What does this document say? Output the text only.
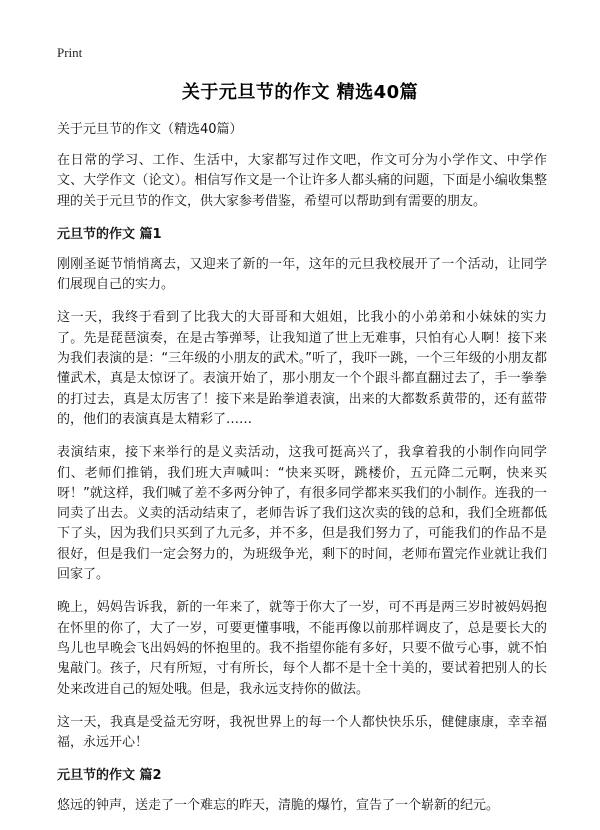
Print
关于元旦节的作文 精选40篇

关于元旦节的作文（精选40篇）

在日常的学习、工作、生活中，大家都写过作文吧，作文可分为小学作文、中学作文、大学作文（论文）。相信写作文是一个让许多人都头痛的问题，下面是小编收集整理的关于元旦节的作文，供大家参考借鉴，希望可以帮助到有需要的朋友。

元旦节的作文 篇1

刚刚圣诞节悄悄离去，又迎来了新的一年，这年的元旦我校展开了一个活动，让同学们展现自己的实力。

这一天，我终于看到了比我大的大哥哥和大姐姐，比我小的小弟弟和小妹妹的实力了。先是琵琶演奏，在是古筝弹琴，让我知道了世上无难事，只怕有心人啊！接下来为我们表演的是：“三年级的小朋友的武术。”听了，我吓一跳，一个三年级的小朋友都懂武术，真是太惊讶了。表演开始了，那小朋友一个个跟斗都直翻过去了，手一拳拳的打过去，真是太厉害了！接下来是跆拳道表演，出来的大都数系黄带的，还有蓝带的，他们的表演真是太精彩了……

表演结束，接下来举行的是义卖活动，这我可挺高兴了，我拿着我的小制作向同学们、老师们推销，我们班大声喊叫：“快来买呀，跳楼价，五元降二元啊，快来买呀！”就这样，我们喊了差不多两分钟了，有很多同学都来买我们的小制作。连我的一同卖了出去。义卖的活动结束了，老师告诉了我们这次卖的钱的总和，我们全班都低下了头，因为我们只买到了九元多，并不多，但是我们努力了，可能我们的作品不是很好，但是我们一定会努力的，为班级争光，剩下的时间，老师布置完作业就让我们回家了。

晚上，妈妈告诉我，新的一年来了，就等于你大了一岁，可不再是两三岁时被妈妈抱在怀里的你了，大了一岁，可要更懂事哦，不能再像以前那样调皮了，总是要长大的鸟儿也早晚会飞出妈妈的怀抱里的。我不指望你能有多好，只要不做亏心事，就不怕鬼敲门。孩子，尺有所短，寸有所长，每个人都不是十全十美的，要试着把别人的长处来改进自己的短处哦。但是，我永远支持你的做法。

这一天，我真是受益无穷呀，我祝世界上的每一个人都快快乐乐，健健康康，幸幸福福，永远开心！

元旦节的作文 篇2

悠远的钟声，送走了一个难忘的昨天，清脆的爆竹，宣告了一个崭新的纪元。
